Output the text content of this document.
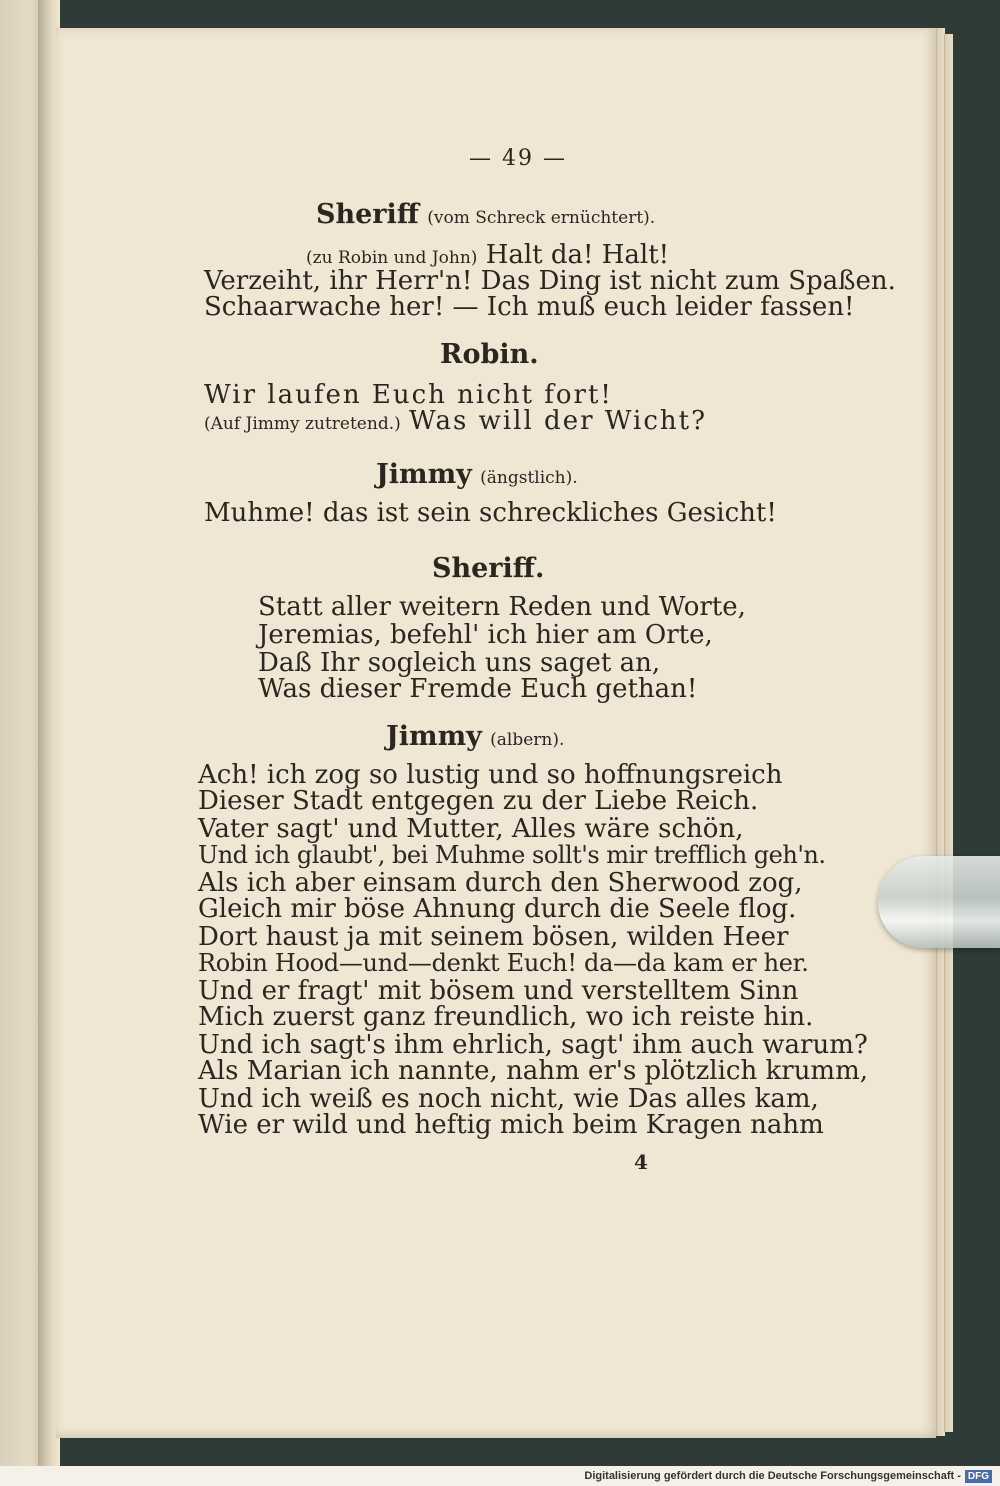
— 49 —
Sheriff (vom Schreck ernüchtert).
(zu Robin und John) Halt da! Halt!
Verzeiht, ihr Herr'n! Das Ding ist nicht zum Spaßen.
Schaarwache her! — Ich muß euch leider fassen!
Robin.
Wir laufen Euch nicht fort!
(Auf Jimmy zutretend.) Was will der Wicht?
Jimmy (ängstlich).
Muhme! das ist sein schreckliches Gesicht!
Sheriff.
Statt aller weitern Reden und Worte,
Jeremias, befehl' ich hier am Orte,
Daß Ihr sogleich uns saget an,
Was dieser Fremde Euch gethan!
Jimmy (albern).
Ach! ich zog so lustig und so hoffnungsreich
Dieser Stadt entgegen zu der Liebe Reich.
Vater sagt' und Mutter, Alles wäre schön,
Und ich glaubt', bei Muhme sollt's mir trefflich geh'n.
Als ich aber einsam durch den Sherwood zog,
Gleich mir böse Ahnung durch die Seele flog.
Dort haust ja mit seinem bösen, wilden Heer
Robin Hood—und—denkt Euch! da—da kam er her.
Und er fragt' mit bösem und verstelltem Sinn
Mich zuerst ganz freundlich, wo ich reiste hin.
Und ich sagt's ihm ehrlich, sagt' ihm auch warum?
Als Marian ich nannte, nahm er's plötzlich krumm,
Und ich weiß es noch nicht, wie Das alles kam,
Wie er wild und heftig mich beim Kragen nahm
4
Digitalisierung gefördert durch die Deutsche Forschungsgemeinschaft - DFG
